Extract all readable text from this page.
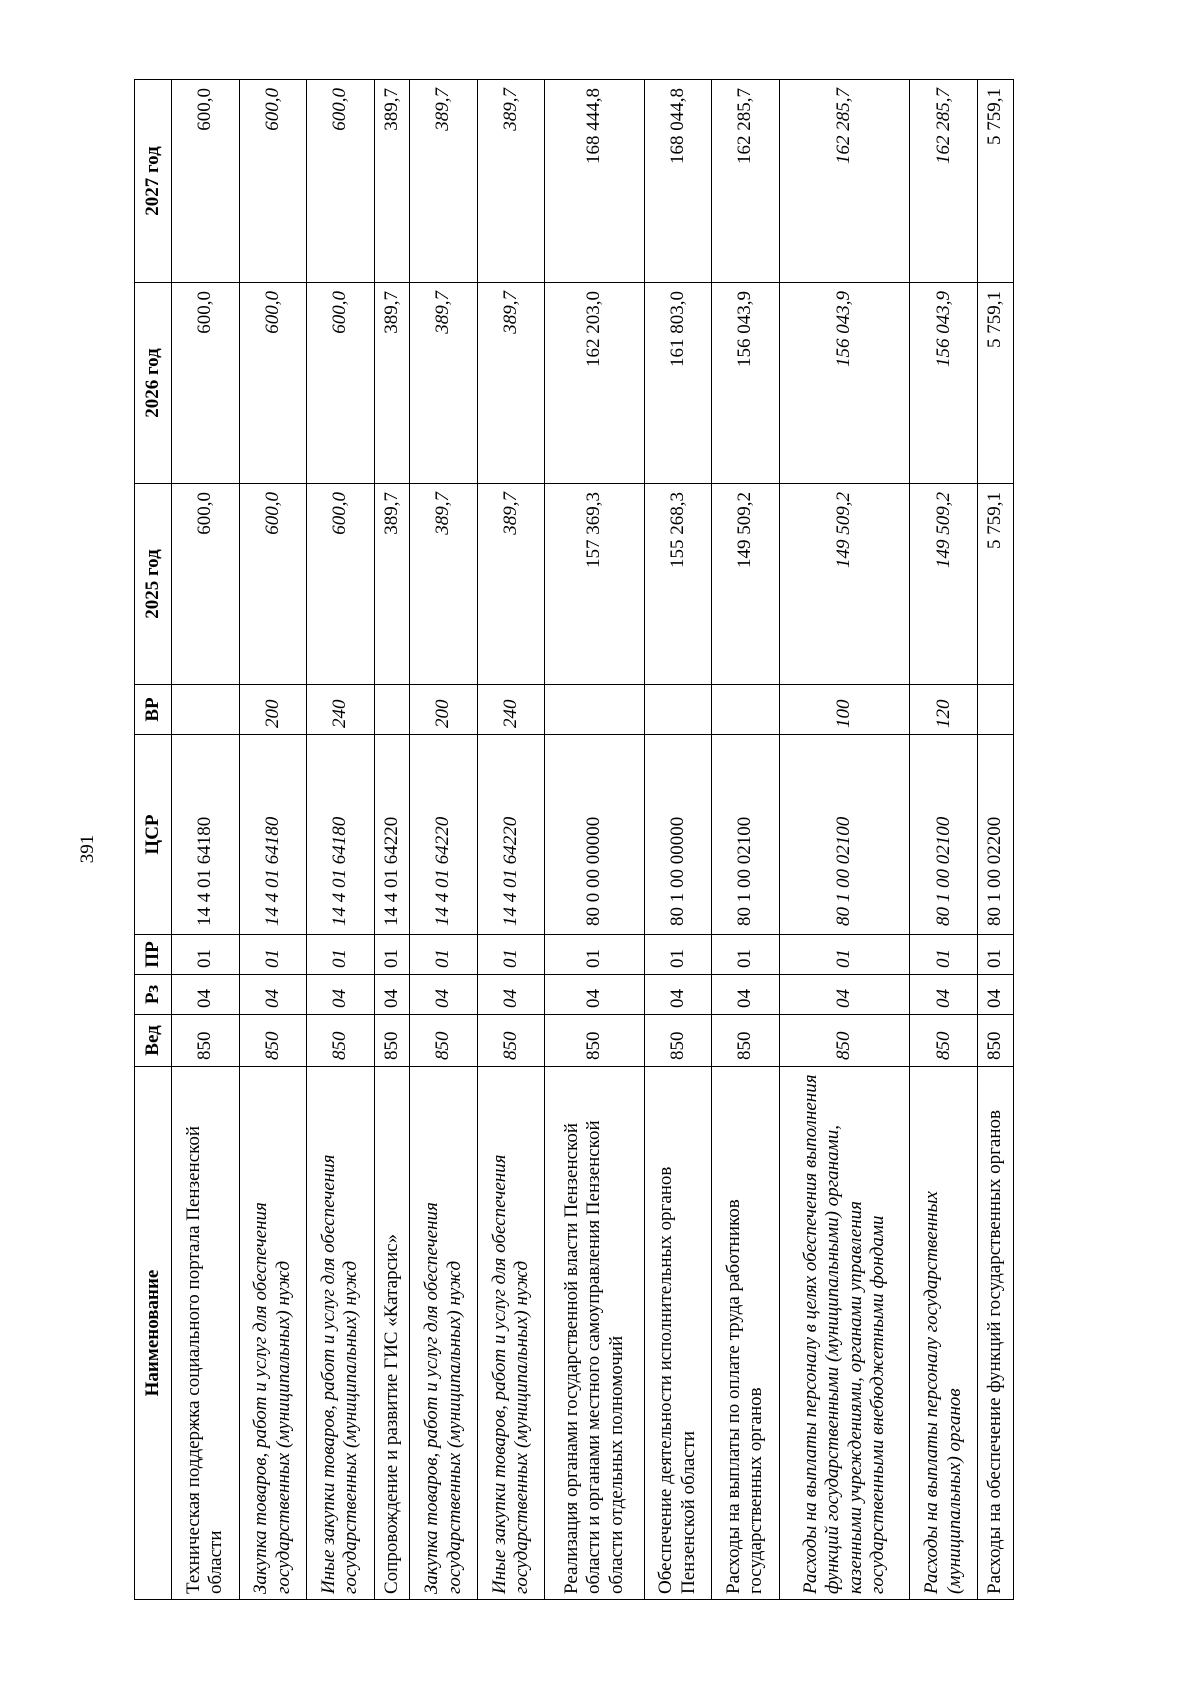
391
Наименование	Вед	Рз	ПР	ЦСР	ВР	2025 год	2026 год	2027 год
Техническая поддержка социального портала Пензенской области	850	04	01	14 4 01 64180		600,0	600,0	600,0
Закупка товаров, работ и услуг для обеспечения государственных (муниципальных) нужд	850	04	01	14 4 01 64180	200	600,0	600,0	600,0
Иные закупки товаров, работ и услуг для обеспечения государственных (муниципальных) нужд	850	04	01	14 4 01 64180	240	600,0	600,0	600,0
Сопровождение и развитие ГИС «Катарсис»	850	04	01	14 4 01 64220		389,7	389,7	389,7
Закупка товаров, работ и услуг для обеспечения государственных (муниципальных) нужд	850	04	01	14 4 01 64220	200	389,7	389,7	389,7
Иные закупки товаров, работ и услуг для обеспечения государственных (муниципальных) нужд	850	04	01	14 4 01 64220	240	389,7	389,7	389,7
Реализация органами государственной власти Пензенской области и органами местного самоуправления Пензенской области отдельных полномочий	850	04	01	80 0 00 00000		157 369,3	162 203,0	168 444,8
Обеспечение деятельности исполнительных органов Пензенской области	850	04	01	80 1 00 00000		155 268,3	161 803,0	168 044,8
Расходы на выплаты по оплате труда работников государственных органов	850	04	01	80 1 00 02100		149 509,2	156 043,9	162 285,7
Расходы на выплаты персоналу в целях обеспечения выполнения функций государственными (муниципальными) органами, казенными учреждениями, органами управления государственными внебюджетными фондами	850	04	01	80 1 00 02100	100	149 509,2	156 043,9	162 285,7
Расходы на выплаты персоналу государственных (муниципальных) органов	850	04	01	80 1 00 02100	120	149 509,2	156 043,9	162 285,7
Расходы на обеспечение функций государственных органов	850	04	01	80 1 00 02200		5 759,1	5 759,1	5 759,1
